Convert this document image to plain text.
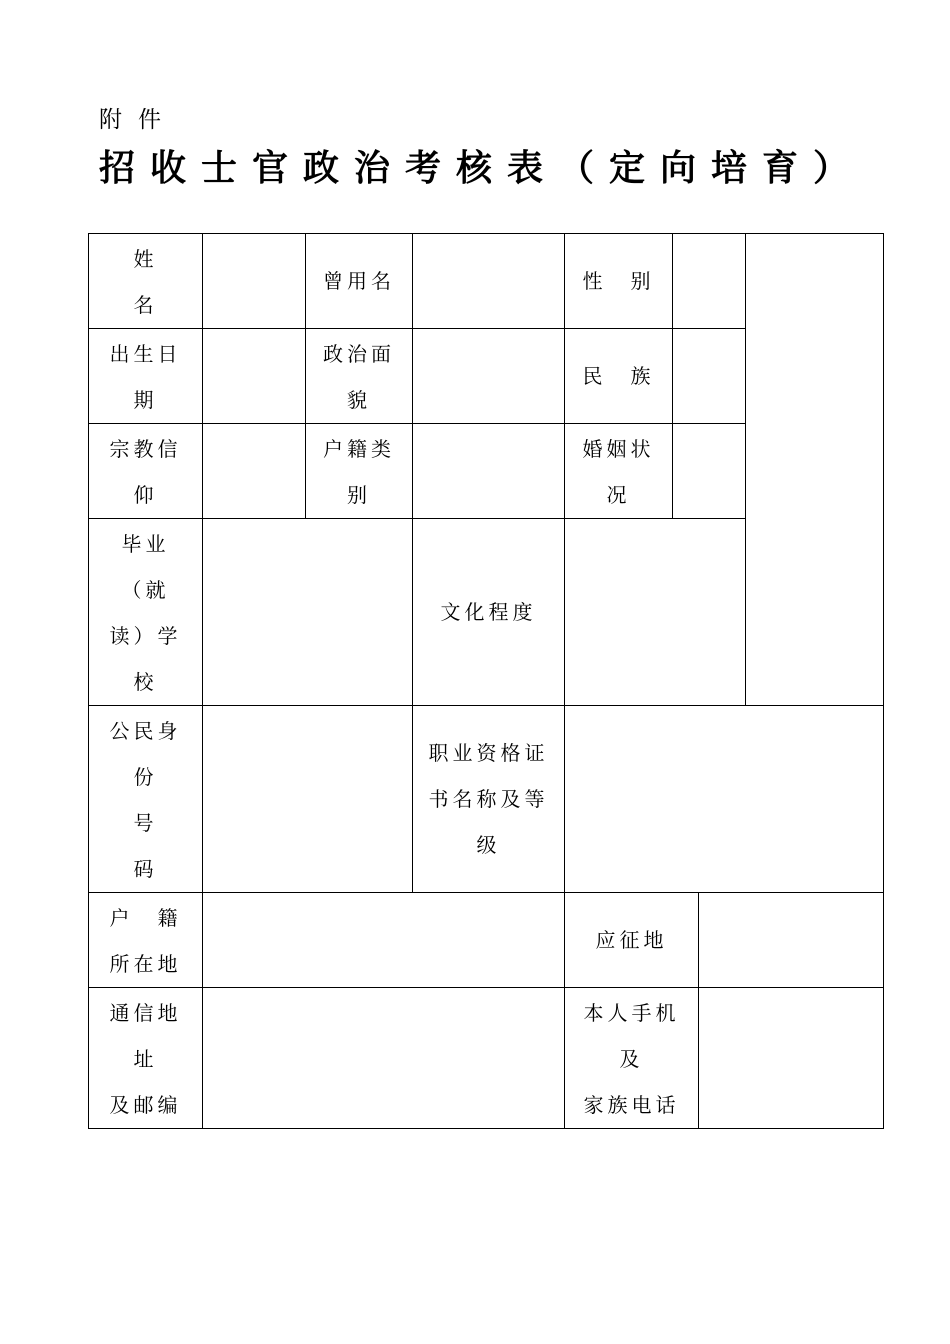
附件
招收士官政治考核表（定向培育）
姓
名		曾用名		性　别			

出生日
期		政治面
貌		民　族			

宗教信
仰		户籍类
别		婚姻状
况			

毕业
（就
读）学
校			文化程度				

公民身
份
号
码			职业资格证
书名称及等
级				

户　籍
所在地				应征地			

通信地
址
及邮编				本人手机
及
家族电话			
